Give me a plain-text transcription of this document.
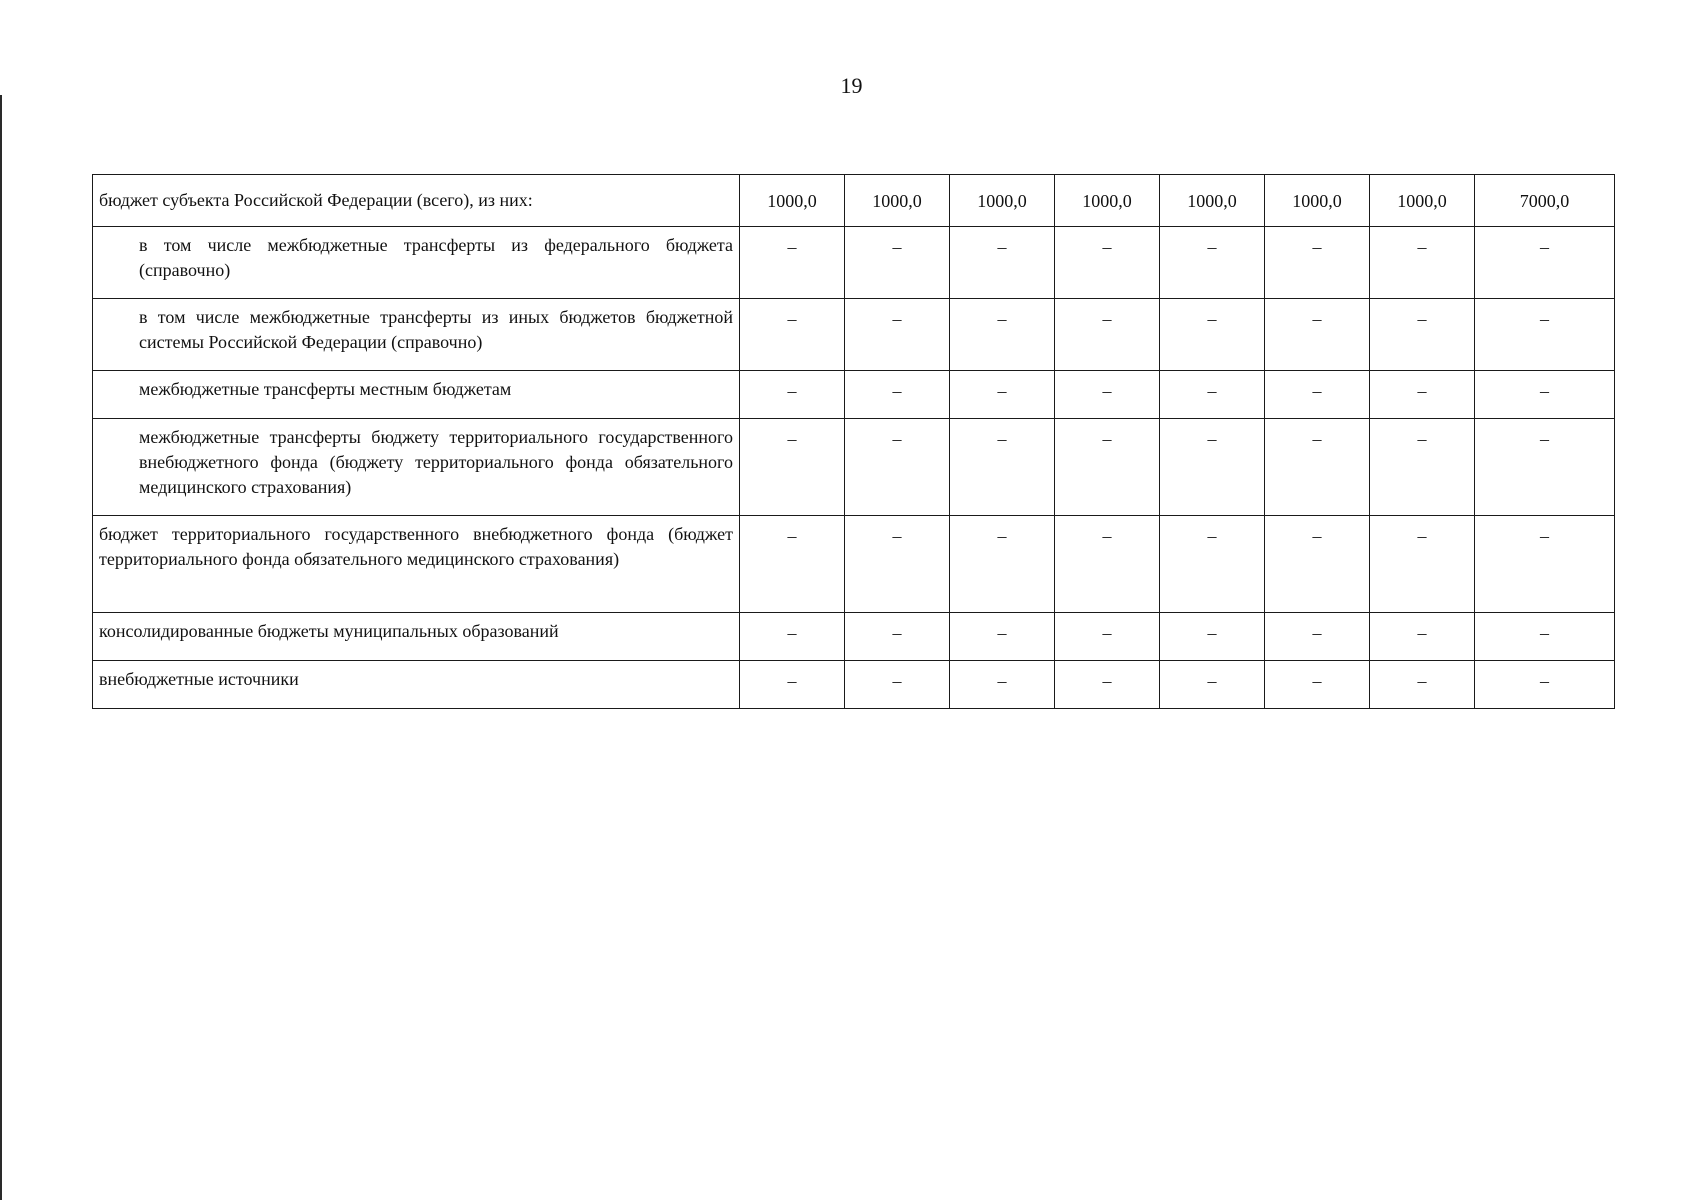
19
бюджет субъекта Российской Федерации (всего), из них:	1000,0	1000,0	1000,0	1000,0	1000,0	1000,0	1000,0	7000,0
в том числе межбюджетные трансферты из федерального бюджета (справочно)	–	–	–	–	–	–	–	–
в том числе межбюджетные трансферты из иных бюджетов бюджетной системы Российской Федерации (справочно)	–	–	–	–	–	–	–	–
межбюджетные трансферты местным бюджетам	–	–	–	–	–	–	–	–
межбюджетные трансферты бюджету территориального государственного внебюджетного фонда (бюджету территориального фонда обязательного медицинского страхования)	–	–	–	–	–	–	–	–
бюджет территориального государственного внебюджетного фонда (бюджет территориального фонда обязательного медицинского страхования)	–	–	–	–	–	–	–	–
консолидированные бюджеты муниципальных образований	–	–	–	–	–	–	–	–
внебюджетные источники	–	–	–	–	–	–	–	–
